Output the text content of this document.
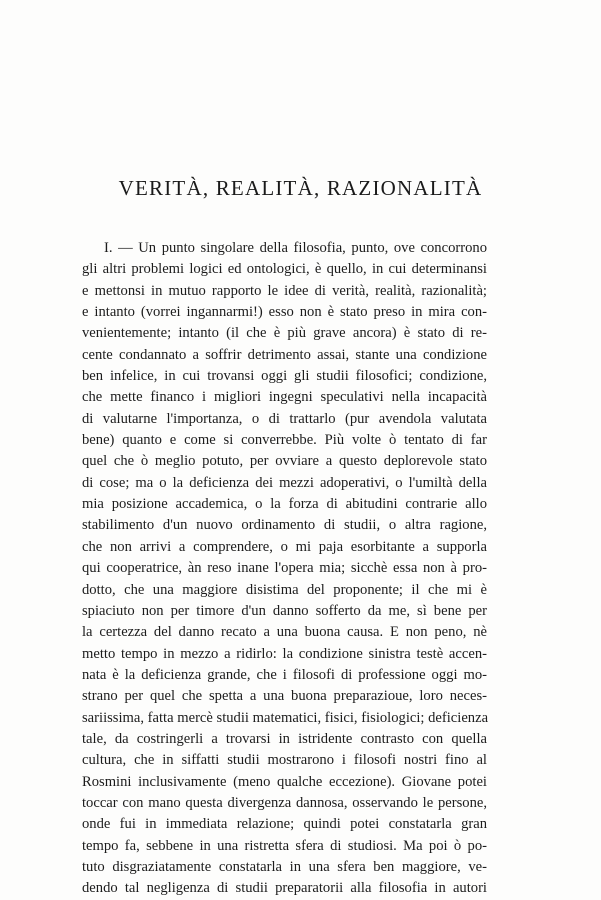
VERITÀ, REALITÀ, RAZIONALITÀ
I. — Un punto singolare della filosofia, punto, ove concorrono
gli altri problemi logici ed ontologici, è quello, in cui determinansi
e mettonsi in mutuo rapporto le idee di verità, realità, razionalità;
e intanto (vorrei ingannarmi!) esso non è stato preso in mira con-
venientemente; intanto (il che è più grave ancora) è stato di re-
cente condannato a soffrir detrimento assai, stante una condizione
ben infelice, in cui trovansi oggi gli studii filosofici; condizione,
che mette financo i migliori ingegni speculativi nella incapacità
di valutarne l'importanza, o di trattarlo (pur avendola valutata
bene) quanto e come si converrebbe. Più volte ò tentato di far
quel che ò meglio potuto, per ovviare a questo deplorevole stato
di cose; ma o la deficienza dei mezzi adoperativi, o l'umiltà della
mia posizione accademica, o la forza di abitudini contrarie allo
stabilimento d'un nuovo ordinamento di studii, o altra ragione,
che non arrivi a comprendere, o mi paja esorbitante a supporla
qui cooperatrice, àn reso inane l'opera mia; sicchè essa non à pro-
dotto, che una maggiore disistima del proponente; il che mi è
spiaciuto non per timore d'un danno sofferto da me, sì bene per
la certezza del danno recato a una buona causa. E non peno, nè
metto tempo in mezzo a ridirlo: la condizione sinistra testè accen-
nata è la deficienza grande, che i filosofi di professione oggi mo-
strano per quel che spetta a una buona preparazioue, loro neces-
sariissima, fatta mercè studii matematici, fisici, fisiologici; deficienza
tale, da costringerli a trovarsi in istridente contrasto con quella
cultura, che in siffatti studii mostrarono i filosofi nostri fino al
Rosmini inclusivamente (meno qualche eccezione). Giovane potei
toccar con mano questa divergenza dannosa, osservando le persone,
onde fui in immediata relazione; quindi potei constatarla gran
tempo fa, sebbene in una ristretta sfera di studiosi. Ma poi ò po-
tuto disgraziatamente constatarla in una sfera ben maggiore, ve-
dendo tal negligenza di studii preparatorii alla filosofia in autori
